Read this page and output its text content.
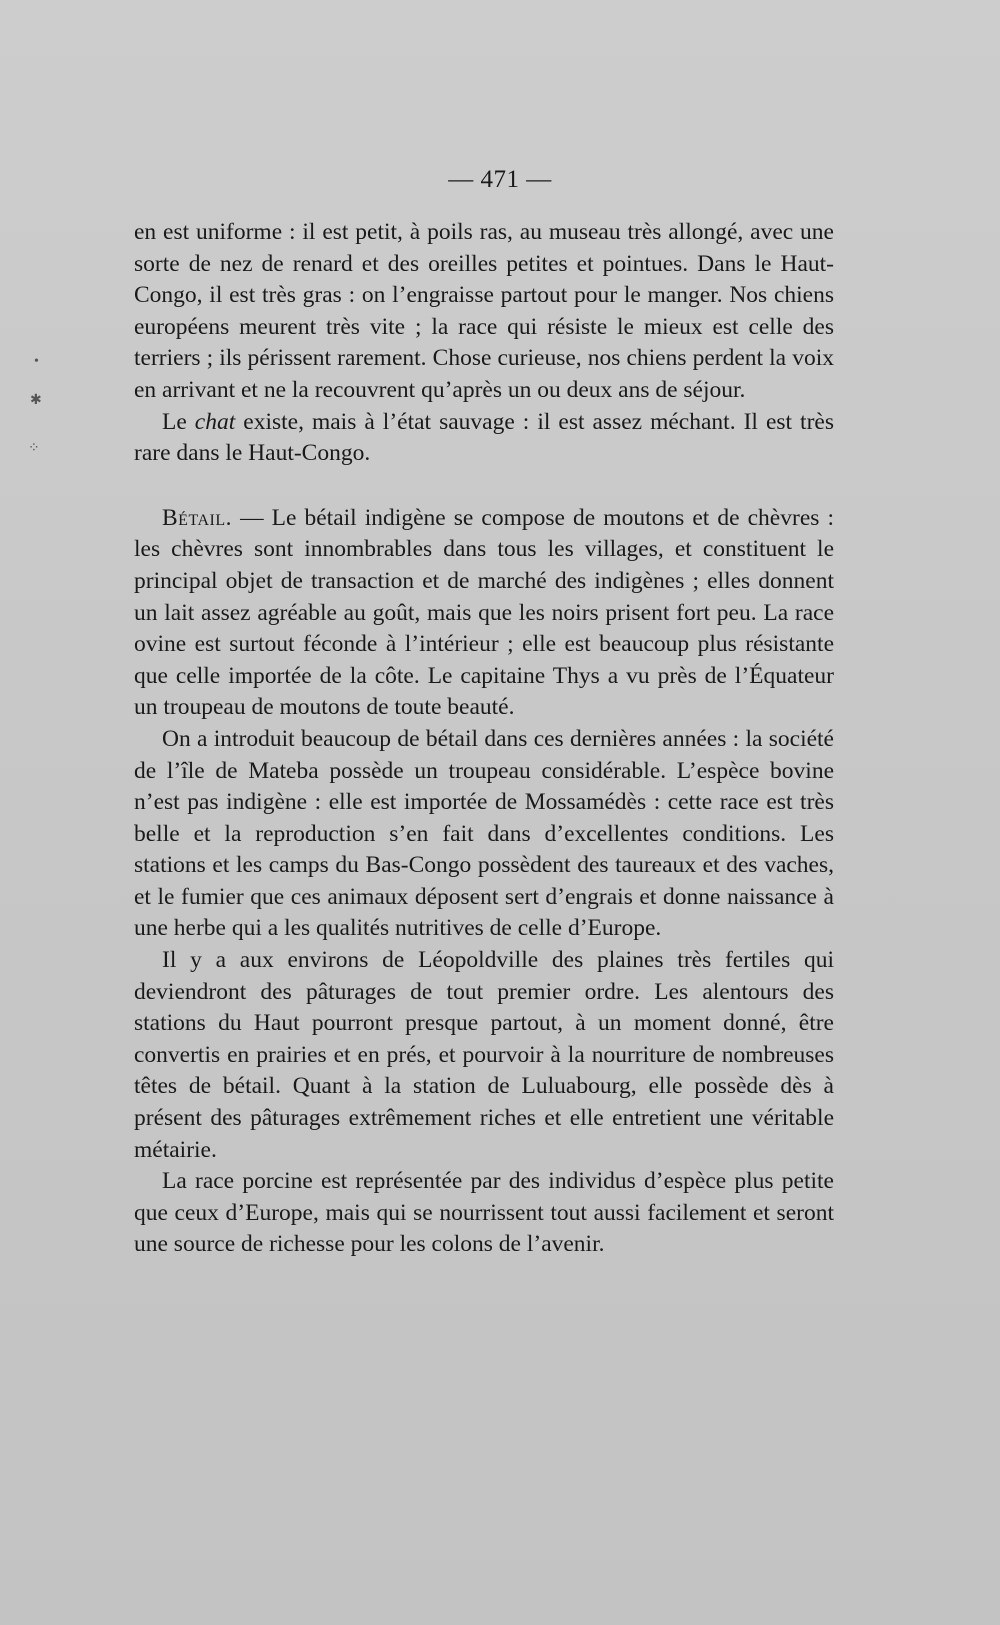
•
✱
⁘
— 471 —

en est uniforme : il est petit, à poils ras, au museau très allongé, avec une sorte de nez de renard et des oreilles petites et pointues. Dans le Haut-Congo, il est très gras : on l’engraisse partout pour le manger. Nos chiens européens meurent très vite ; la race qui résiste le mieux est celle des terriers ; ils périssent rarement. Chose curieuse, nos chiens perdent la voix en arrivant et ne la recouvrent qu’après un ou deux ans de séjour.

Le chat existe, mais à l’état sauvage : il est assez méchant. Il est très rare dans le Haut-Congo.

Bétail. — Le bétail indigène se compose de moutons et de chèvres : les chèvres sont innombrables dans tous les villages, et constituent le principal objet de transaction et de marché des indigènes ; elles donnent un lait assez agréable au goût, mais que les noirs prisent fort peu. La race ovine est surtout féconde à l’intérieur ; elle est beaucoup plus résistante que celle importée de la côte. Le capitaine Thys a vu près de l’Équateur un troupeau de moutons de toute beauté.

On a introduit beaucoup de bétail dans ces dernières années : la société de l’île de Mateba possède un troupeau considérable. L’espèce bovine n’est pas indigène : elle est importée de Mossamédès : cette race est très belle et la reproduction s’en fait dans d’excellentes conditions. Les stations et les camps du Bas-Congo possèdent des taureaux et des vaches, et le fumier que ces animaux déposent sert d’engrais et donne naissance à une herbe qui a les qualités nutritives de celle d’Europe.

Il y a aux environs de Léopoldville des plaines très fertiles qui deviendront des pâturages de tout premier ordre. Les alentours des stations du Haut pourront presque partout, à un moment donné, être convertis en prairies et en prés, et pourvoir à la nourriture de nombreuses têtes de bétail. Quant à la station de Luluabourg, elle possède dès à présent des pâturages extrêmement riches et elle entretient une véritable métairie.

La race porcine est représentée par des individus d’espèce plus petite que ceux d’Europe, mais qui se nourrissent tout aussi facilement et seront une source de richesse pour les colons de l’avenir.
